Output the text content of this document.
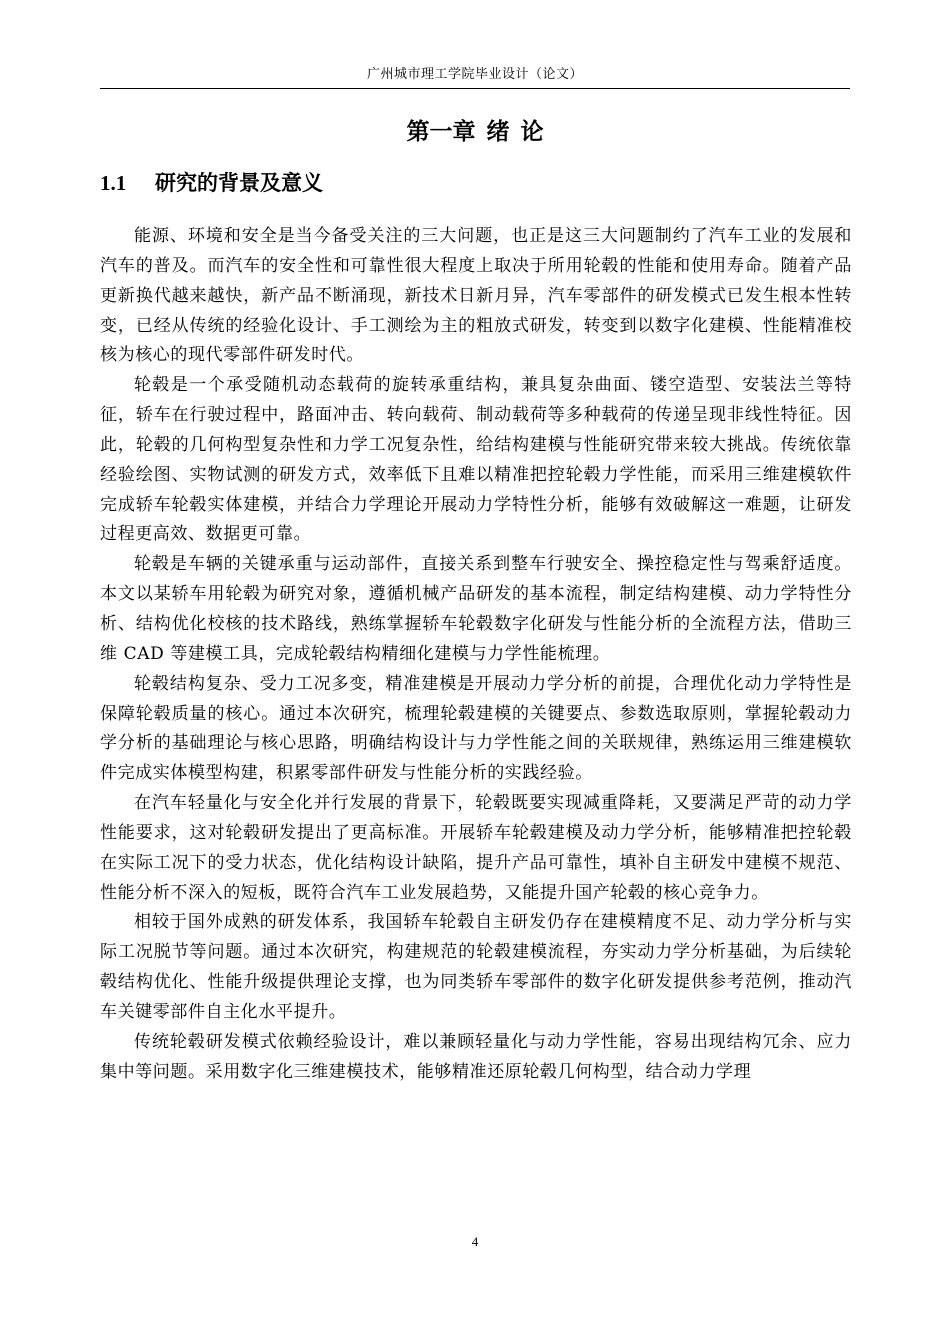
广州城市理工学院毕业设计（论文）
第一章 绪 论
1.1 研究的背景及意义

能源、环境和安全是当今备受关注的三大问题，也正是这三大问题制约了汽车工业的发展和汽车的普及。而汽车的安全性和可靠性很大程度上取决于所用轮毂的性能和使用寿命。随着产品更新换代越来越快，新产品不断涌现，新技术日新月异，汽车零部件的研发模式已发生根本性转变，已经从传统的经验化设计、手工测绘为主的粗放式研发，转变到以数字化建模、性能精准校核为核心的现代零部件研发时代。

轮毂是一个承受随机动态载荷的旋转承重结构，兼具复杂曲面、镂空造型、安装法兰等特征，轿车在行驶过程中，路面冲击、转向载荷、制动载荷等多种载荷的传递呈现非线性特征。因此，轮毂的几何构型复杂性和力学工况复杂性，给结构建模与性能研究带来较大挑战。传统依靠经验绘图、实物试测的研发方式，效率低下且难以精准把控轮毂力学性能，而采用三维建模软件完成轿车轮毂实体建模，并结合力学理论开展动力学特性分析，能够有效破解这一难题，让研发过程更高效、数据更可靠。

轮毂是车辆的关键承重与运动部件，直接关系到整车行驶安全、操控稳定性与驾乘舒适度。本文以某轿车用轮毂为研究对象，遵循机械产品研发的基本流程，制定结构建模、动力学特性分析、结构优化校核的技术路线，熟练掌握轿车轮毂数字化研发与性能分析的全流程方法，借助三维 CAD 等建模工具，完成轮毂结构精细化建模与力学性能梳理。

轮毂结构复杂、受力工况多变，精准建模是开展动力学分析的前提，合理优化动力学特性是保障轮毂质量的核心。通过本次研究，梳理轮毂建模的关键要点、参数选取原则，掌握轮毂动力学分析的基础理论与核心思路，明确结构设计与力学性能之间的关联规律，熟练运用三维建模软件完成实体模型构建，积累零部件研发与性能分析的实践经验。

在汽车轻量化与安全化并行发展的背景下，轮毂既要实现减重降耗，又要满足严苛的动力学性能要求，这对轮毂研发提出了更高标准。开展轿车轮毂建模及动力学分析，能够精准把控轮毂在实际工况下的受力状态，优化结构设计缺陷，提升产品可靠性，填补自主研发中建模不规范、性能分析不深入的短板，既符合汽车工业发展趋势，又能提升国产轮毂的核心竞争力。

相较于国外成熟的研发体系，我国轿车轮毂自主研发仍存在建模精度不足、动力学分析与实际工况脱节等问题。通过本次研究，构建规范的轮毂建模流程，夯实动力学分析基础，为后续轮毂结构优化、性能升级提供理论支撑，也为同类轿车零部件的数字化研发提供参考范例，推动汽车关键零部件自主化水平提升。

传统轮毂研发模式依赖经验设计，难以兼顾轻量化与动力学性能，容易出现结构冗余、应力集中等问题。采用数字化三维建模技术，能够精准还原轮毂几何构型，结合动力学理

4
